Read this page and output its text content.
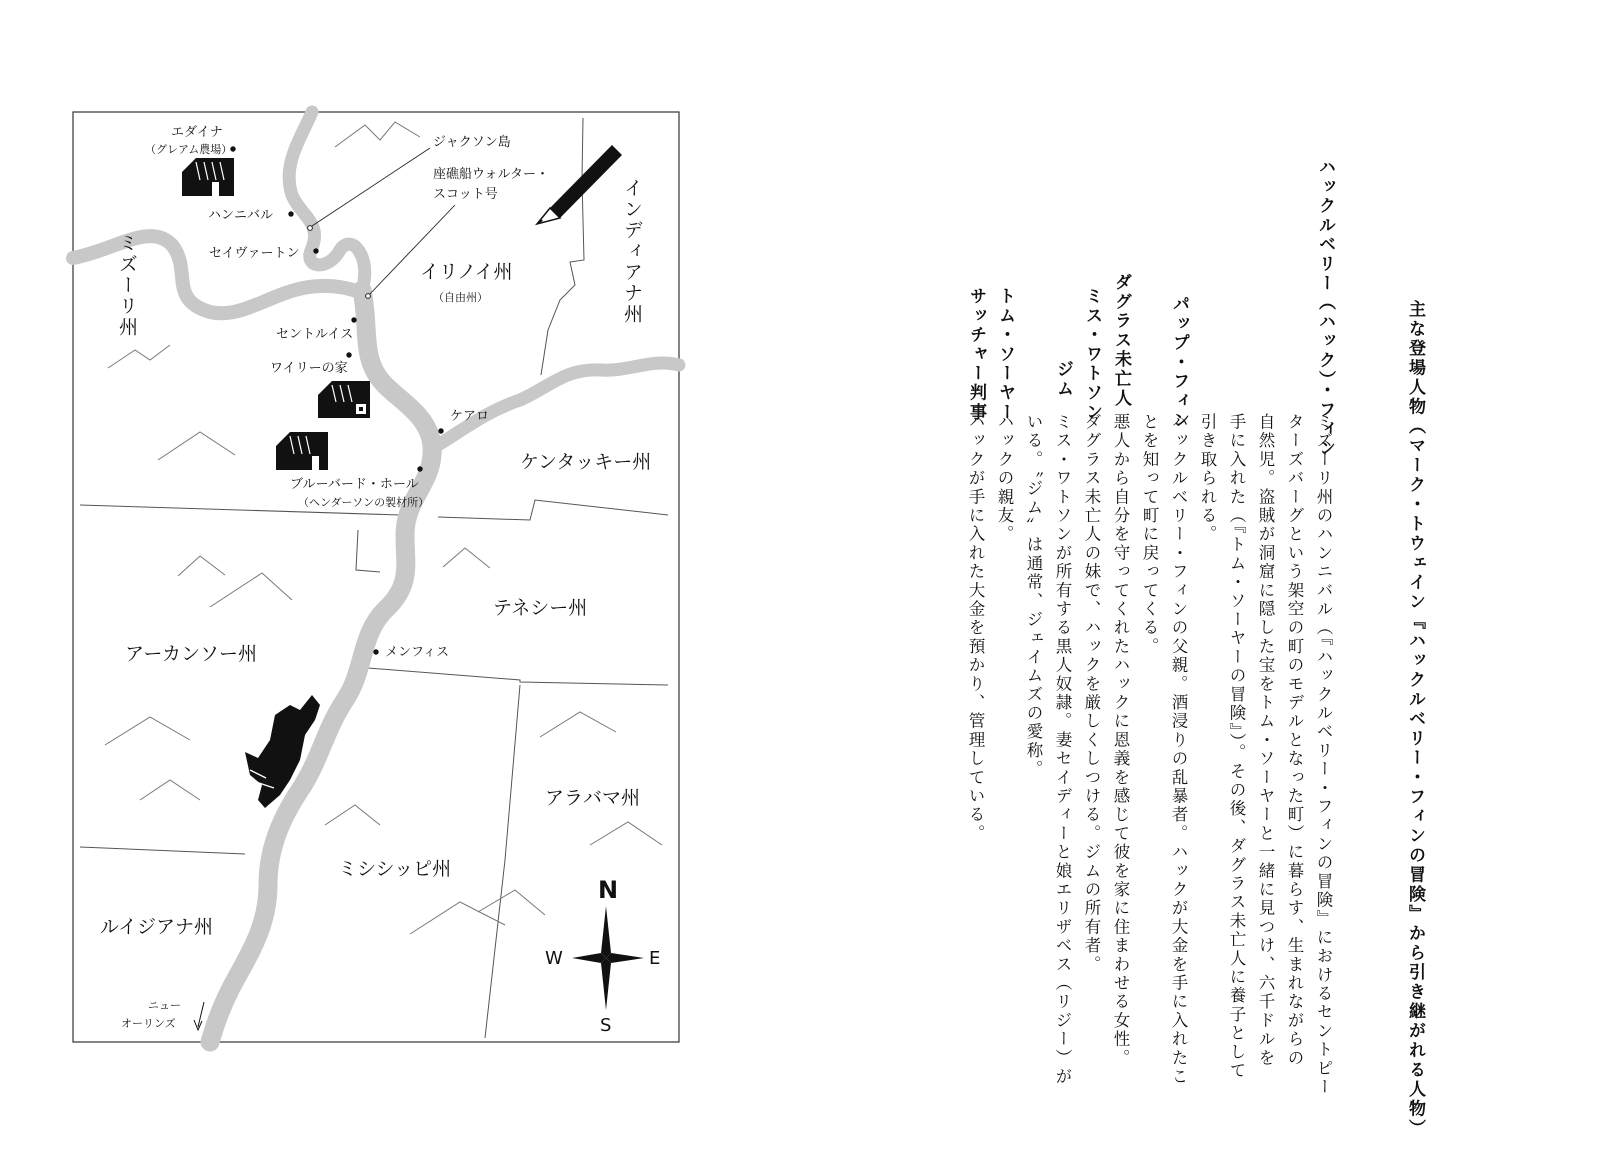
ミズーリ州	イリノイ州
（自由州）	インディアナ州
ケンタッキー州
テネシー州
アーカンソー州
ミシシッピ州
アラバマ州
ルイジアナ州
エダイナ
（グレアム農場）
ハンニバル
セイヴァートン
ジャクソン島
座礁船ウォルター・
スコット号
セントルイス
ワイリーの家
ケアロ
ブルーバード・ホール
（ヘンダーソンの製材所）
メンフィス
ニュー
オーリンズ
N
S
E
W	主な登場人物（マーク・トウェイン『ハックルベリー・フィンの冒険』から引き継がれる人物）
ハックルベリー（ハック）・フィン
ミズーリ州のハンニバル（『ハックルベリー・フィンの冒険』におけるセントピー
ターズバーグという架空の町のモデルとなった町）に暮らす、生まれながらの
自然児。盗賊が洞窟に隠した宝をトム・ソーヤーと一緒に見つけ、六千ドルを
手に入れた（『トム・ソーヤーの冒険』）。その後、ダグラス未亡人に養子として
引き取られる。
パップ・フィン
ハックルベリー・フィンの父親。酒浸りの乱暴者。ハックが大金を手に入れたこ
とを知って町に戻ってくる。
ダグラス未亡人
悪人から自分を守ってくれたハックに恩義を感じて彼を家に住まわせる女性。
ミス・ワトソン
ダグラス未亡人の妹で、ハックを厳しくしつける。ジムの所有者。
ジム
ミス・ワトソンが所有する黒人奴隷。妻セイディーと娘エリザベス（リジー）が
いる。〝ジム〟は通常、ジェイムズの愛称。
トム・ソーヤー
ハックの親友。
サッチャー判事
ハックが手に入れた大金を預かり、管理している。
